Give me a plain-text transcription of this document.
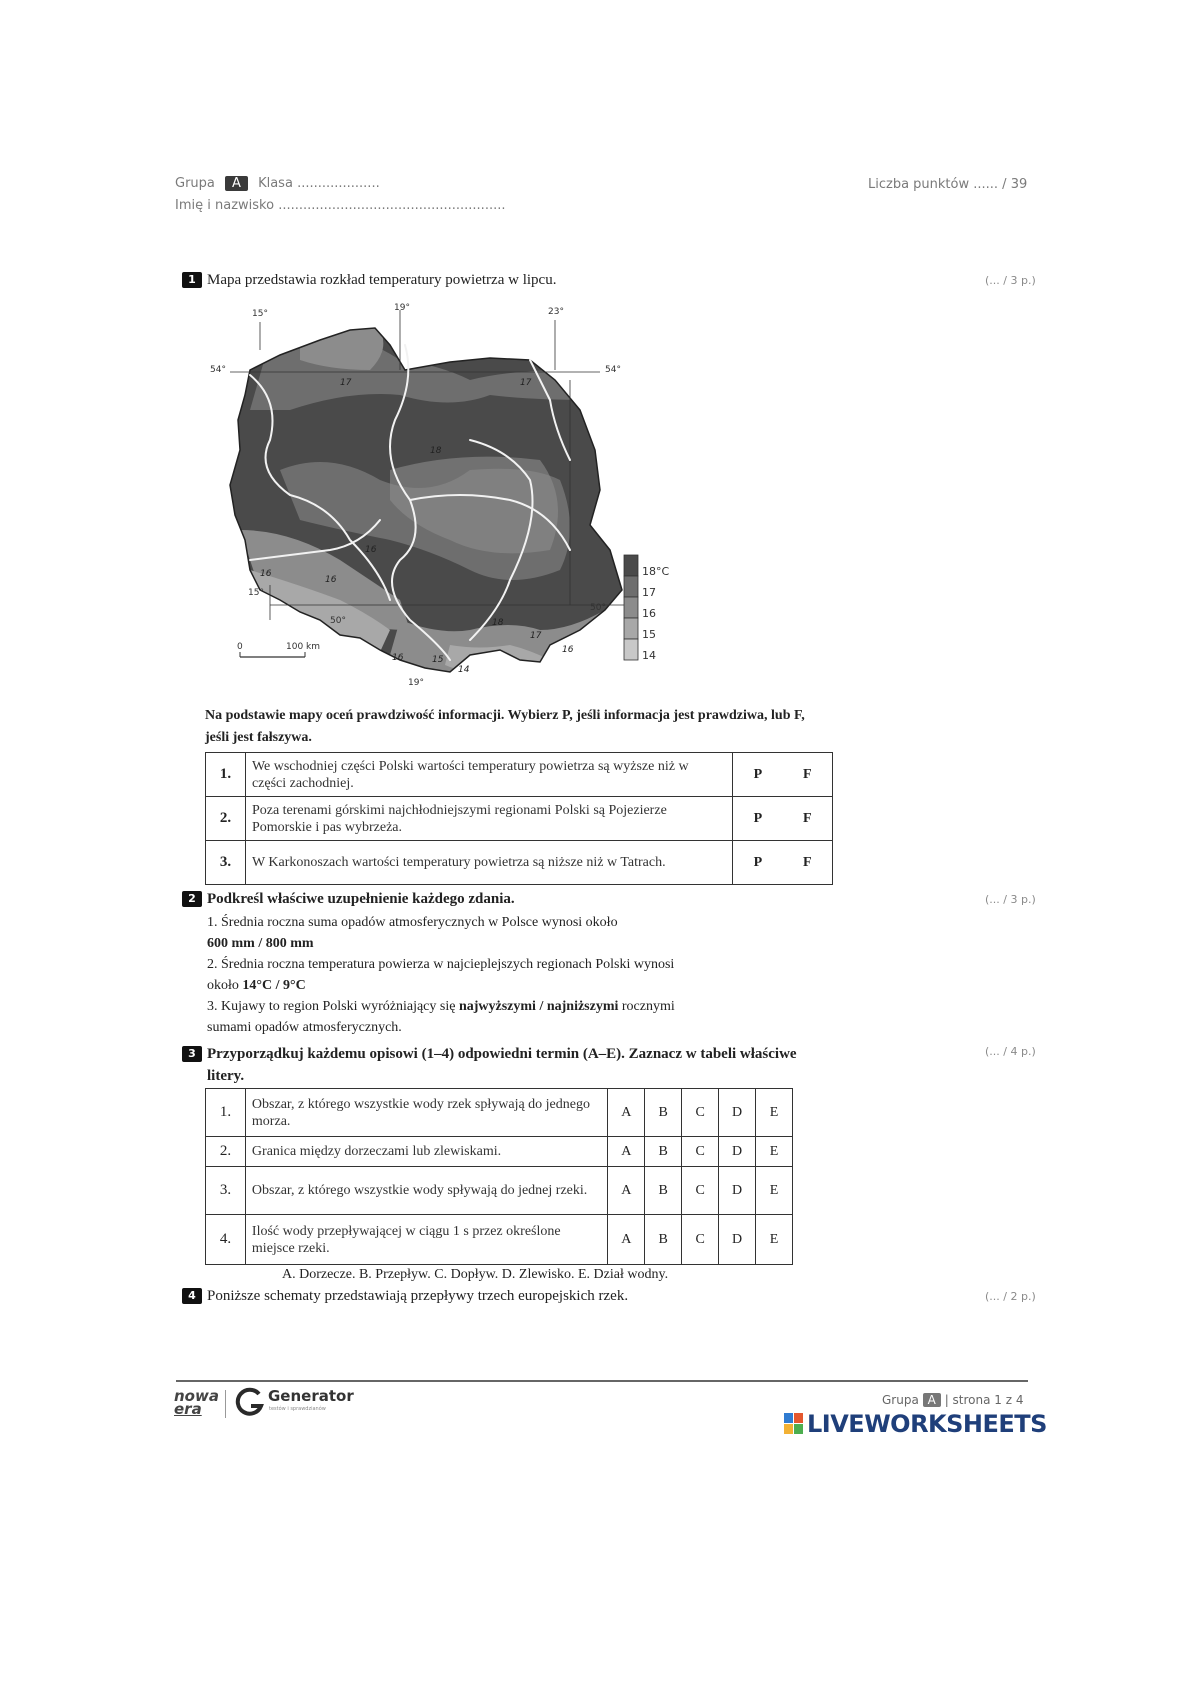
Grupa A Klasa ....................
Imię i nazwisko .......................................................
Liczba punktów ...... / 39
1 Mapa przedstawia rozkład temperatury powietrza w lipcu.	(... / 3 p.)
15°
19°	23°
15°
19°
54°	54°
50°
50°
17	17
18
16
16
16
18
17
16
16	15
14
0	100 km
18°C
17
16
15
14
Na podstawie mapy oceń prawdziwość informacji. Wybierz P, jeśli informacja jest prawdziwa, lub F, jeśli jest fałszywa.
1.	We wschodniej części Polski wartości temperatury powietrza są wyższe niż w części zachodniej.	P	F
2.	Poza terenami górskimi najchłodniejszymi regionami Polski są Pojezierze Pomorskie i pas wybrzeża.	P	F
3.	W Karkonoszach wartości temperatury powietrza są niższe niż w Tatrach.	P	F
2 Podkreśl właściwe uzupełnienie każdego zdania.	(... / 3 p.)
1. Średnia roczna suma opadów atmosferycznych w Polsce wynosi około
600 mm / 800 mm
2. Średnia roczna temperatura powierza w najcieplejszych regionach Polski wynosi
około 14°C / 9°C
3. Kujawy to region Polski wyróżniający się najwyższymi / najniższymi rocznymi
sumami opadów atmosferycznych.
3 Przyporządkuj każdemu opisowi (1–4) odpowiedni termin (A–E). Zaznacz w tabeli właściwe litery.
(... / 4 p.)
1.	Obszar, z którego wszystkie wody rzek spływają do jednego morza.	A	B	C	D	E
2.	Granica między dorzeczami lub zlewiskami.	A	B	C	D	E
3.	Obszar, z którego wszystkie wody spływają do jednej rzeki.	A	B	C	D	E
4.	Ilość wody przepływającej w ciągu 1 s przez określone miejsce rzeki.	A	B	C	D	E
A. Dorzecze. B. Przepływ. C. Dopływ. D. Zlewisko. E. Dział wodny.
4 Poniższe schematy przedstawiają przepływy trzech europejskich rzek.	(... / 2 p.)
nowa
era
Generator
testów i sprawdzianów
Grupa A | strona 1 z 4
LIVEWORKSHEETS
